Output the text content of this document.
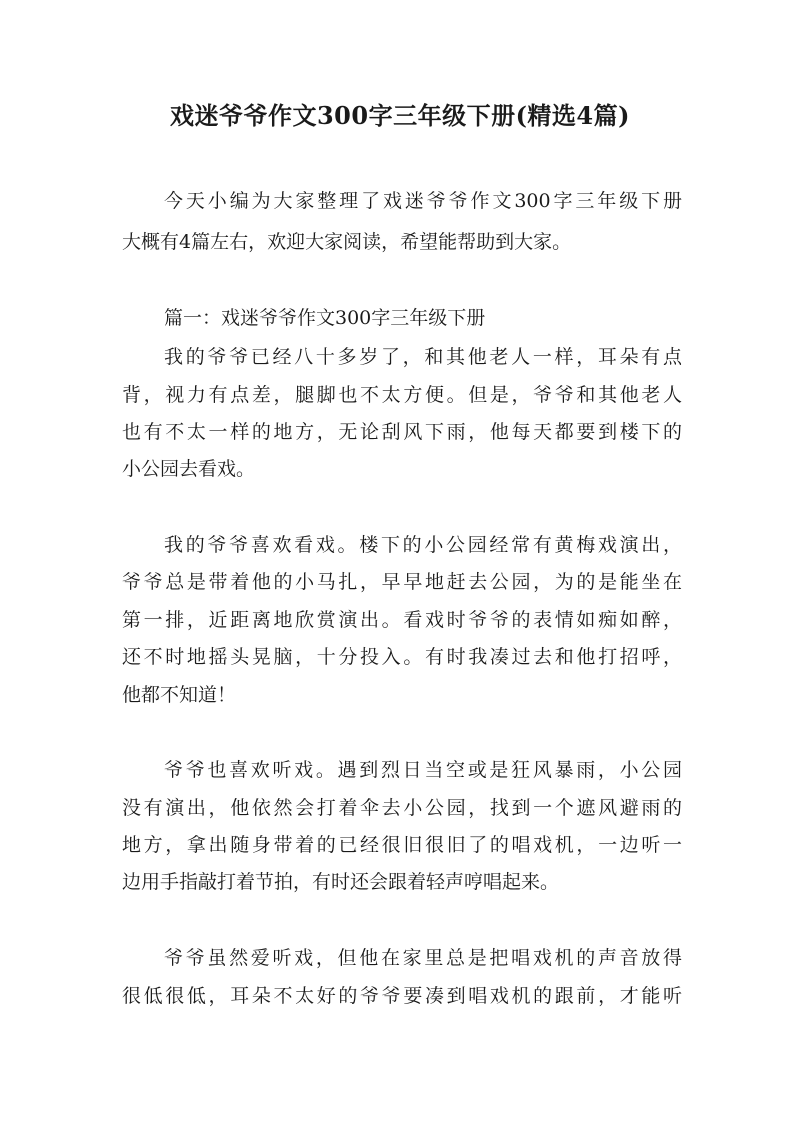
戏迷爷爷作文300字三年级下册(精选4篇)
今天小编为大家整理了戏迷爷爷作文300字三年级下册
大概有4篇左右，欢迎大家阅读，希望能帮助到大家。
篇一：戏迷爷爷作文300字三年级下册
我的爷爷已经八十多岁了，和其他老人一样，耳朵有点
背，视力有点差，腿脚也不太方便。但是，爷爷和其他老人
也有不太一样的地方，无论刮风下雨，他每天都要到楼下的
小公园去看戏。
我的爷爷喜欢看戏。楼下的小公园经常有黄梅戏演出，
爷爷总是带着他的小马扎，早早地赶去公园，为的是能坐在
第一排，近距离地欣赏演出。看戏时爷爷的表情如痴如醉，
还不时地摇头晃脑，十分投入。有时我凑过去和他打招呼，
他都不知道！
爷爷也喜欢听戏。遇到烈日当空或是狂风暴雨，小公园
没有演出，他依然会打着伞去小公园，找到一个遮风避雨的
地方，拿出随身带着的已经很旧很旧了的唱戏机，一边听一
边用手指敲打着节拍，有时还会跟着轻声哼唱起来。
爷爷虽然爱听戏，但他在家里总是把唱戏机的声音放得
很低很低，耳朵不太好的爷爷要凑到唱戏机的跟前，才能听
